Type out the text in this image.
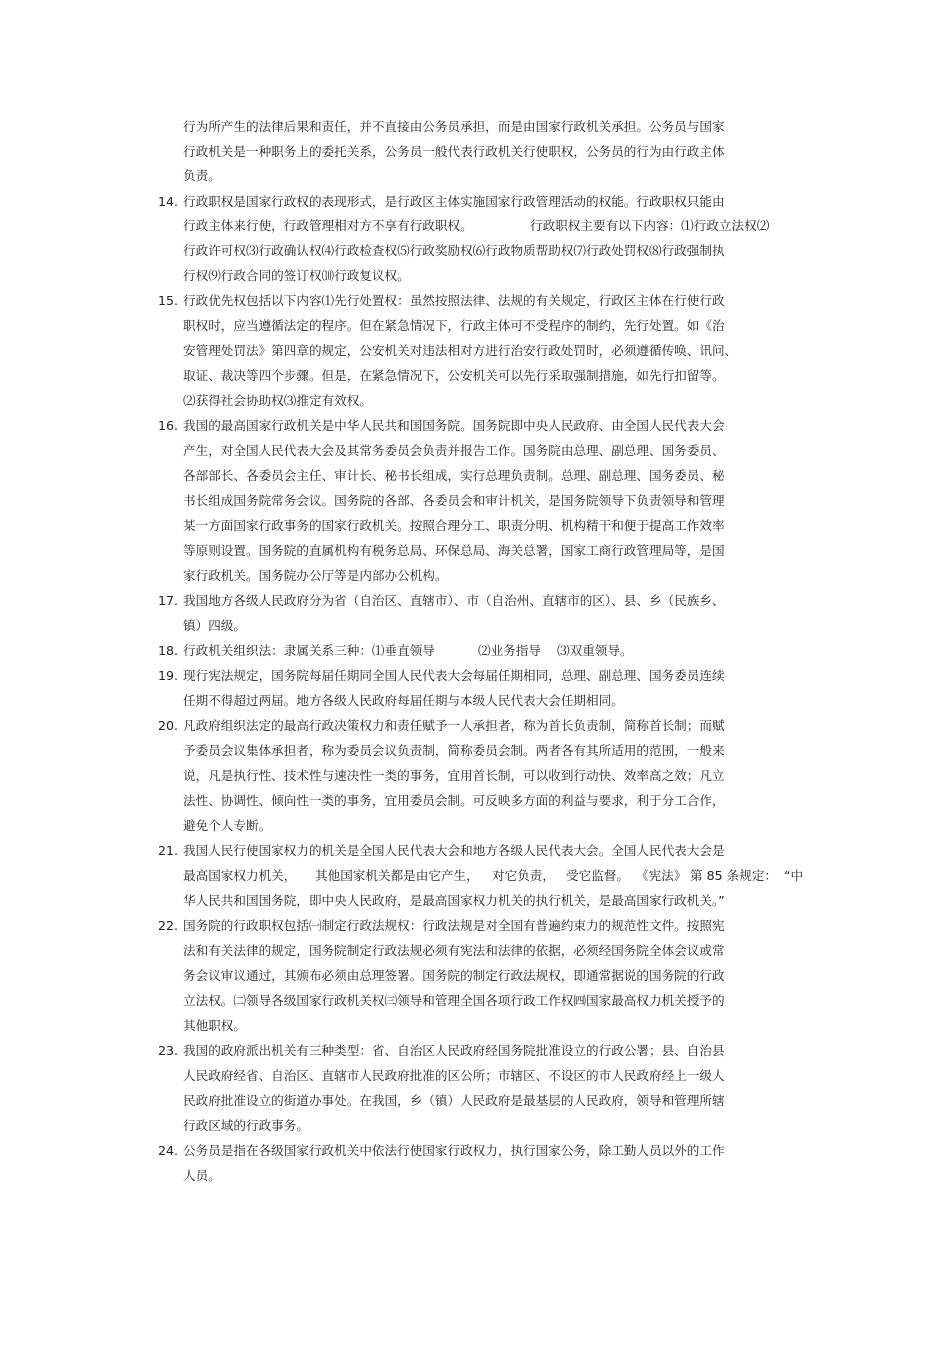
行为所产生的法律后果和责任，并不直接由公务员承担，而是由国家行政机关承担。公务员与国家
行政机关是一种职务上的委托关系，公务员一般代表行政机关行使职权，公务员的行为由行政主体
负责。
14. 行政职权是国家行政权的表现形式，是行政区主体实施国家行政管理活动的权能。行政职权只能由
行政主体来行使，行政管理相对方不享有行政职权。	行政职权主要有以下内容：⑴行政立法权⑵
行政许可权⑶行政确认权⑷行政检查权⑸行政奖励权⑹行政物质帮助权⑺行政处罚权⑻行政强制执
行权⑼行政合同的签订权⑽行政复议权。
15. 行政优先权包括以下内容⑴先行处置权：虽然按照法律、法规的有关规定，行政区主体在行使行政
职权时，应当遵循法定的程序。但在紧急情况下，行政主体可不受程序的制约，先行处置。如《治
安管理处罚法》第四章的规定，公安机关对违法相对方进行治安行政处罚时，必须遵循传唤、讯问、
取证、裁决等四个步骤。但是，在紧急情况下，公安机关可以先行采取强制措施，如先行扣留等。
⑵获得社会协助权⑶推定有效权。
16. 我国的最高国家行政机关是中华人民共和国国务院。国务院即中央人民政府、由全国人民代表大会
产生，对全国人民代表大会及其常务委员会负责并报告工作。国务院由总理、副总理、国务委员、
各部部长、各委员会主任、审计长、秘书长组成，实行总理负责制。总理、副总理、国务委员、秘
书长组成国务院常务会议。国务院的各部、各委员会和审计机关，是国务院领导下负责领导和管理
某一方面国家行政事务的国家行政机关。按照合理分工、职责分明、机构精干和便于提高工作效率
等原则设置。国务院的直属机构有税务总局、环保总局、海关总署，国家工商行政管理局等，是国
家行政机关。国务院办公厅等是内部办公机构。
17. 我国地方各级人民政府分为省（自治区、直辖市）、市（自治州、直辖市的区）、县、乡（民族乡、
镇）四级。
18. 行政机关组织法：隶属关系三种：⑴垂直领导	⑵业务指导 ⑶双重领导。
19. 现行宪法规定，国务院每届任期同全国人民代表大会每届任期相同，总理、副总理、国务委员连续
任期不得超过两届。地方各级人民政府每届任期与本级人民代表大会任期相同。
20. 凡政府组织法定的最高行政决策权力和责任赋予一人承担者，称为首长负责制，简称首长制；而赋
予委员会议集体承担者，称为委员会议负责制，简称委员会制。两者各有其所适用的范围，一般来
说，凡是执行性、技术性与速决性一类的事务，宜用首长制，可以收到行动快、效率高之效；凡立
法性、协调性、倾向性一类的事务，宜用委员会制。可反映多方面的利益与要求，利于分工合作，
避免个人专断。
21. 我国人民行使国家权力的机关是全国人民代表大会和地方各级人民代表大会。全国人民代表大会是
最高国家权力机关， 其他国家机关都是由它产生， 对它负责， 受它监督。 《宪法》 第 85 条规定： “中
华人民共和国国务院，即中央人民政府，是最高国家权力机关的执行机关，是最高国家行政机关。”
22. 国务院的行政职权包括㈠制定行政法规权：行政法规是对全国有普遍约束力的规范性文件。按照宪
法和有关法律的规定，国务院制定行政法规必须有宪法和法律的依据，必须经国务院全体会议或常
务会议审议通过，其颁布必须由总理签署。国务院的制定行政法规权，即通常据说的国务院的行政
立法权。㈡领导各级国家行政机关权㈢领导和管理全国各项行政工作权㈣国家最高权力机关授予的
其他职权。
23. 我国的政府派出机关有三种类型：省、自治区人民政府经国务院批准设立的行政公署；县、自治县
人民政府经省、自治区、直辖市人民政府批准的区公所；市辖区、不设区的市人民政府经上一级人
民政府批准设立的街道办事处。在我国，乡（镇）人民政府是最基层的人民政府，领导和管理所辖
行政区域的行政事务。
24. 公务员是指在各级国家行政机关中依法行使国家行政权力，执行国家公务，除工勤人员以外的工作
人员。
